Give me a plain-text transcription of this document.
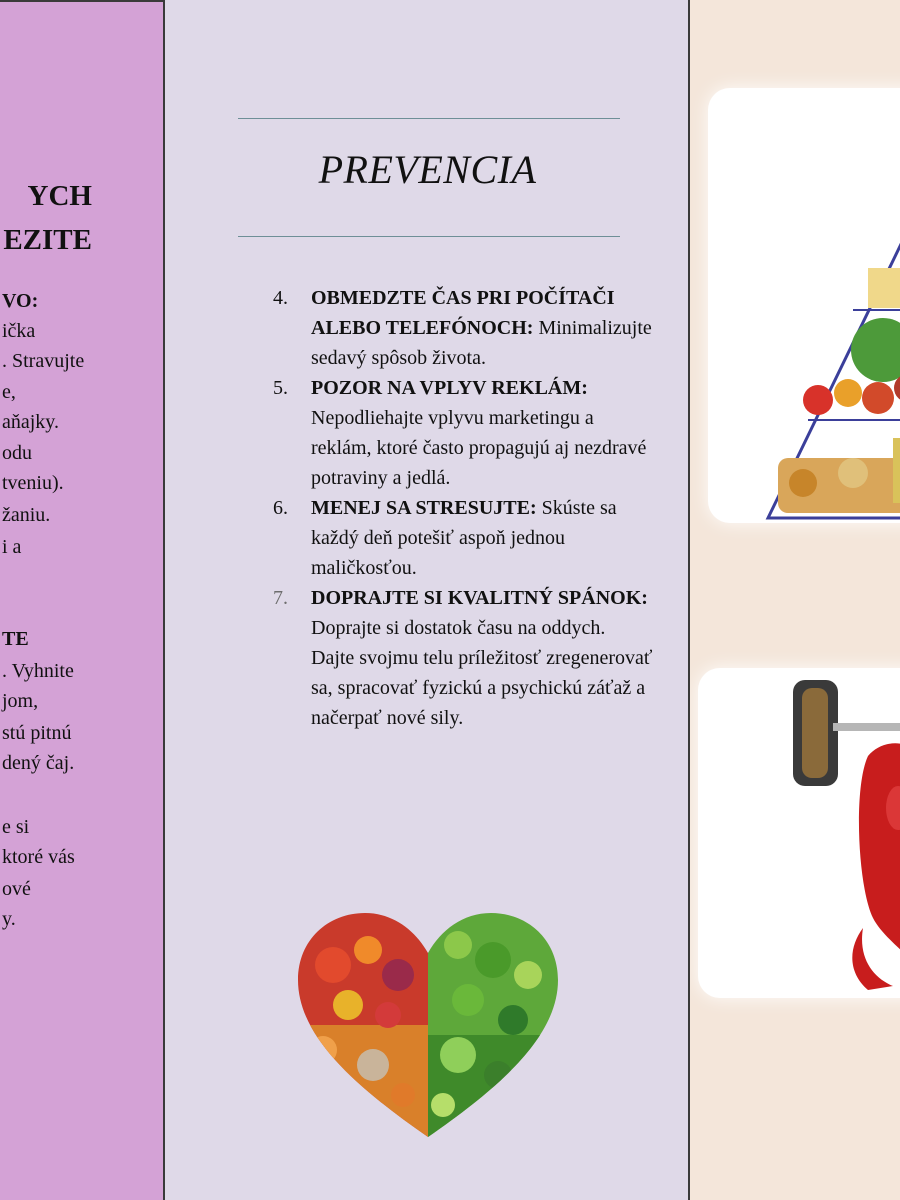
YCH
EZITE
VO:
ička
. Stravujte
e,
aňajky.
odu
tveniu).
žaniu.
i a
TE
. Vyhnite
jom,
stú pitnú
dený čaj.
e si
ktoré vás
ové
y.
PREVENCIA
4. OBMEDZTE ČAS PRI POČÍTAČI ALEBO TELEFÓNOCH: Minimalizujte sedavý spôsob života.
5. POZOR NA VPLYV REKLÁM: Nepodliehajte vplyvu marketingu a reklám, ktoré často propagujú aj nezdravé potraviny a jedlá.
6. MENEJ SA STRESUJTE: Skúste sa každý deň potešiť aspoň jednou maličkosťou.
7. DOPRAJTE SI KVALITNÝ SPÁNOK: Doprajte si dostatok času na oddych. Dajte svojmu telu príležitosť zregenerovať sa, spracovať fyzickú a psychickú záťaž a načerpať nové sily.
